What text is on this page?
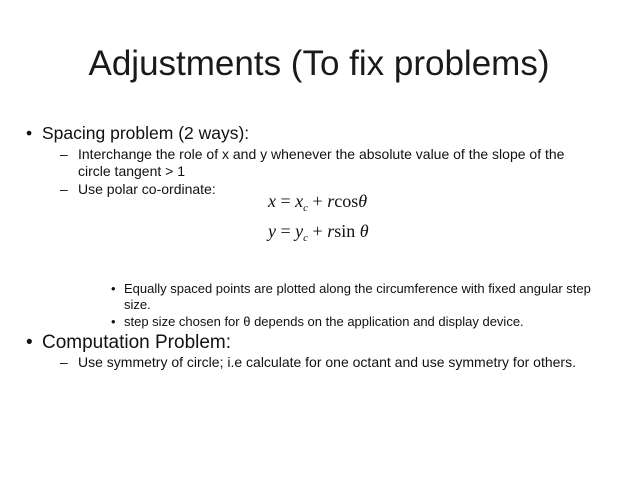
Adjustments (To fix problems)
• Spacing problem (2 ways):
– Interchange the role of x and y whenever the absolute value of the slope of the circle tangent > 1
– Use polar co-ordinate:
$x = x_c + rcos\theta$
$y = y_c + rsin$ θ
• Equally spaced points are plotted along the circumference with fixed angular step size.
• step size chosen for θ depends on the application and display device.
• Computation Problem:
– Use symmetry of circle; i.e calculate for one octant and use symmetry for others.
